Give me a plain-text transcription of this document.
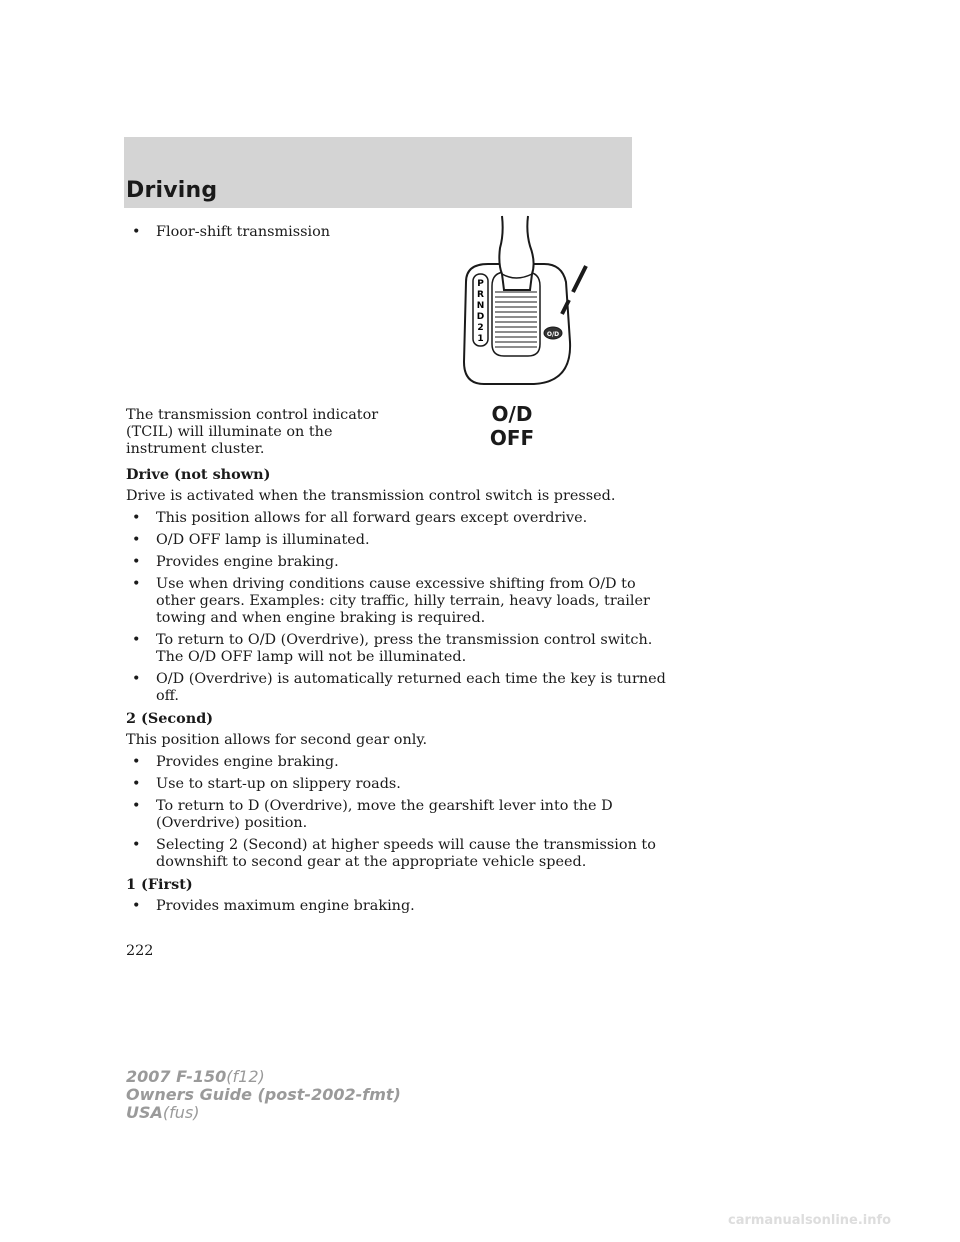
Driving
• Floor-shift transmission
The transmission control indicator
(TCIL) will illuminate on the
instrument cluster.
Drive (not shown)
Drive is activated when the transmission control switch is pressed.
• This position allows for all forward gears except overdrive.
• O/D OFF lamp is illuminated.
• Provides engine braking.
• Use when driving conditions cause excessive shifting from O/D to
other gears. Examples: city traffic, hilly terrain, heavy loads, trailer
towing and when engine braking is required.
• To return to O/D (Overdrive), press the transmission control switch.
The O/D OFF lamp will not be illuminated.
• O/D (Overdrive) is automatically returned each time the key is turned
off.
2 (Second)
This position allows for second gear only.
• Provides engine braking.
• Use to start-up on slippery roads.
• To return to D (Overdrive), move the gearshift lever into the D
(Overdrive) position.
• Selecting 2 (Second) at higher speeds will cause the transmission to
downshift to second gear at the appropriate vehicle speed.
1 (First)
• Provides maximum engine braking.
P
R
N
D
2
1	O/D
O/D
OFF
222
2007 F-150(f12)
Owners Guide (post-2002-fmt)
USA(fus)
carmanualsonline.info
